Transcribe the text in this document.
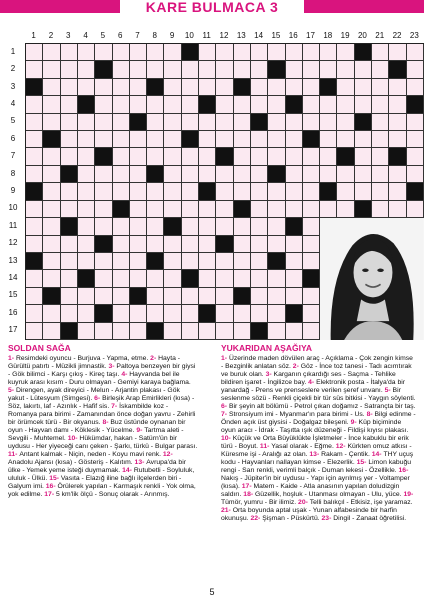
KARE BULMACA 3
1	2	3	4	5	6	7	8	9	10	11	12	13	14	15	16	17	18	19	20	21	22	23
1
2
3
4
5
6
7
8
9
10
11
12
13
14
15
16
17
SOLDAN SAĞA
1- Resimdeki oyuncu - Burjuva - Yapma, etme. 2- Hayta - Gürültü patırtı - Müzikli jimnastik. 3- Paltoya benzeyen bir giysi - Gök bilimci - Karşı çıkış - Kireç taşı. 4- Hayvanda bel ile kuyruk arası kısım - Duru olmayan - Gemiyi karaya bağlama. 5- Direngen, ayak direyici - Melun - Arjantin plakası - Gök yakut - Lütesyum (Simgesi). 6- Birleşik Arap Emirlikleri (kısa) - Söz, lakırtı, laf - Azınlık - Hafif sis. 7- İskambilde koz - Romanya para birimi - Zamanından önce doğan yavru - Zehirli bir örümcek türü - Bir okyanus. 8- Buz üstünde oynanan bir oyun - Hayvan damı - Köklesik - Yücelme. 9- Tartma aleti - Sevgili - Muhtemel. 10- Hükümdar, hakan - Satürn'ün bir uydusu - Her yiyeceği canı çeken - Şarkı, türkü - Bulgar parası. 11- Antant kalmak - Niçin, neden - Koyu mavi renk. 12- Anadolu Ajansı (kısa) - Gösteriş - Kalıtım. 13- Avrupa'da bir ülke - Yemek yeme isteği duymamak. 14- Rutubetli - Soyluluk, ululuk - Ülkü. 15- Vasıta - Elazığ iline bağlı ilçelerden biri - Galyum imi. 16- Örülerek yapılan - Karmaşık renkli - Yok olma, yok edilme. 17- 5 km'lik ölçü - Sonuç olarak - Arınmış.
YUKARIDAN AŞAĞIYA
1- Üzerinde maden dövülen araç - Açıklama - Çok zengin kimse - Bezginlik anlatan söz. 2- Göz - İnce toz tanesi - Tadı acımtırak ve buruk olan. 3- Karganın çıkardığı ses - Saçma - Tehlike bildiren işaret - İngilizce bay. 4- Elektronik posta - İtalya'da bir yanardağ - Prens ve prenseslere verilen şeref unvanı. 5- Bir seslenme sözü - Renkli çiçekli bir tür süs bitkisi - Yaygın söylenti. 6- Bir şeyin alt bölümü - Petrol çıkan doğamız - Satrançta bir taş. 7- Stronsiyum imi - Myanmar'ın para birimi - Us. 8- Bilgi edinme - Önden açık üst giysisi - Doğalgaz bileşeni. 9- Küp biçiminde oyun aracı - İdrak - Taşıtta ışık düzeneği - Fildişi kıyısı plakası. 10- Küçük ve Orta Büyüklükte İşletmeler - İnce kabuklu bir erik türü - Boyut. 11- Yasal olarak - Eğme. 12- Kürkten omuz atkısı - Küresme işi - Aralığı az olan. 13- Rakam - Çentik. 14- THY uçuş kodu - Hayvanları nallayan kimse - Elezerlik. 15- Limon kabuğu rengi - Sarı renkli, verimli balçık - Duman lekesi - Özellikle. 16- Nakış - Jüpiter'in bir uydusu - Yapı için ayrılmış yer - Voltamper (kısa). 17- Matem - Kaide - Atla anasının yapılan doludizgin saldırı. 18- Güzellik, hoşluk - Utanması olmayan - Ulu, yüce. 19- Tümör, yumru - Bir ilimiz. 20- Telli balıkçıl - Etkisiz, işe yaramaz. 21- Orta boyunda aptal uşak - Yunan alfabesinde bir harfin okunuşu. 22- Şişman - Püskürtü. 23- Dingil - Zanaat öğretilisi.
5
